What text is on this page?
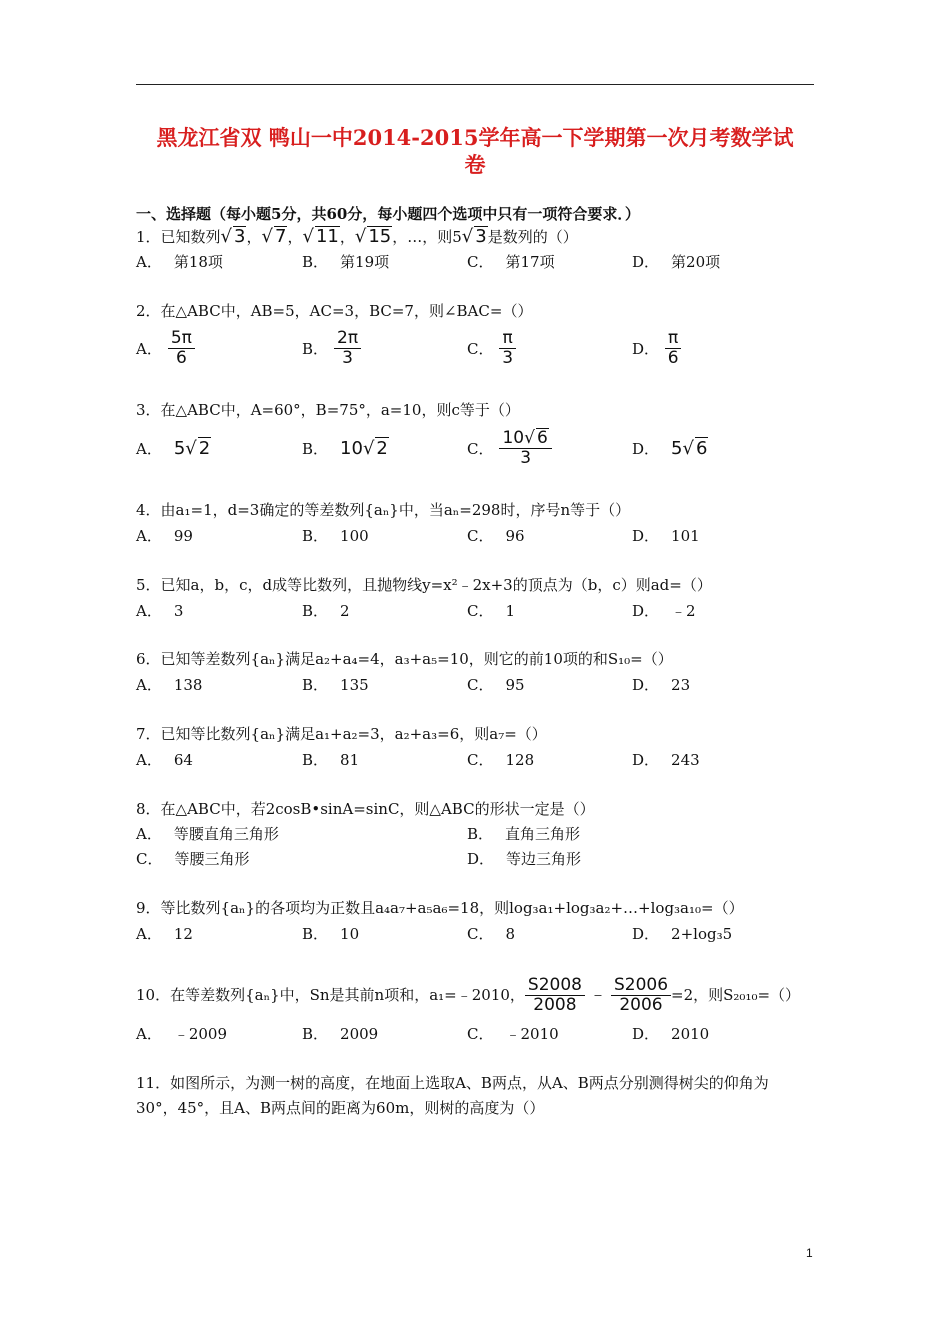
黑龙江省双 鸭山一中2014-2015学年高一下学期第一次月考数学试
卷
一、选择题（每小题5分，共60分，每小题四个选项中只有一项符合要求．）
1．已知数列√ 3，√ 7，√ 11，√ 15，…，则5√ 3是数列的（）
A． 第18项	B． 第19项	C． 第17项	D． 第20项
2．在△ABC中，AB=5，AC=3，BC=7，则∠BAC=（）
A． $\frac{5\pi}{6}$	B． $\frac{2\pi}{3}$	C． $\frac{\pi}{3}$	D． $\frac{\pi}{6}$
3．在△ABC中，A=60°，B=75°，a=10，则c等于（）
A． 5 √ 2	B． 10 √ 2	C． $\frac{10√ 6}{3}$	D． 5 √ 6
4．由a₁=1，d=3确定的等差数列{aₙ}中，当aₙ=298时，序号n等于（）
A． 99	B． 100	C． 96	D． 101
5．已知a，b，c，d成等比数列，且抛物线y=x²﹣2x+3的顶点为（b，c）则ad=（）
A． 3	B． 2	C． 1	D． ﹣2
6．已知等差数列{aₙ}满足a₂+a₄=4，a₃+a₅=10，则它的前10项的和S₁₀=（）
A． 138	B． 135	C． 95	D． 23
7．已知等比数列{aₙ}满足a₁+a₂=3，a₂+a₃=6，则a₇=（）
A． 64	B． 81	C． 128	D． 243
8．在△ABC中，若2cosB•sinA=sinC，则△ABC的形状一定是（）
A． 等腰直角三角形	B． 直角三角形
C． 等腰三角形	D． 等边三角形
9．等比数列{aₙ}的各项均为正数且a₄a₇+a₅a₆=18，则log₃a₁+log₃a₂+…+log₃a₁₀=（）
A． 12	B． 10	C． 8	D． 2+log₃5
10．在等差数列{aₙ}中，Sn是其前n项和，a₁=﹣2010， $\frac{S2008}{2008}$ ﹣ $\frac{S2006}{2006} =2$，则S₂₀₁₀=（）
A． ﹣2009	B． 2009	C． ﹣2010	D． 2010
11．如图所示，为测一树的高度，在地面上选取A、B两点，从A、B两点分别测得树尖的仰角为
30°，45°，且A、B两点间的距离为60m，则树的高度为（）
1
